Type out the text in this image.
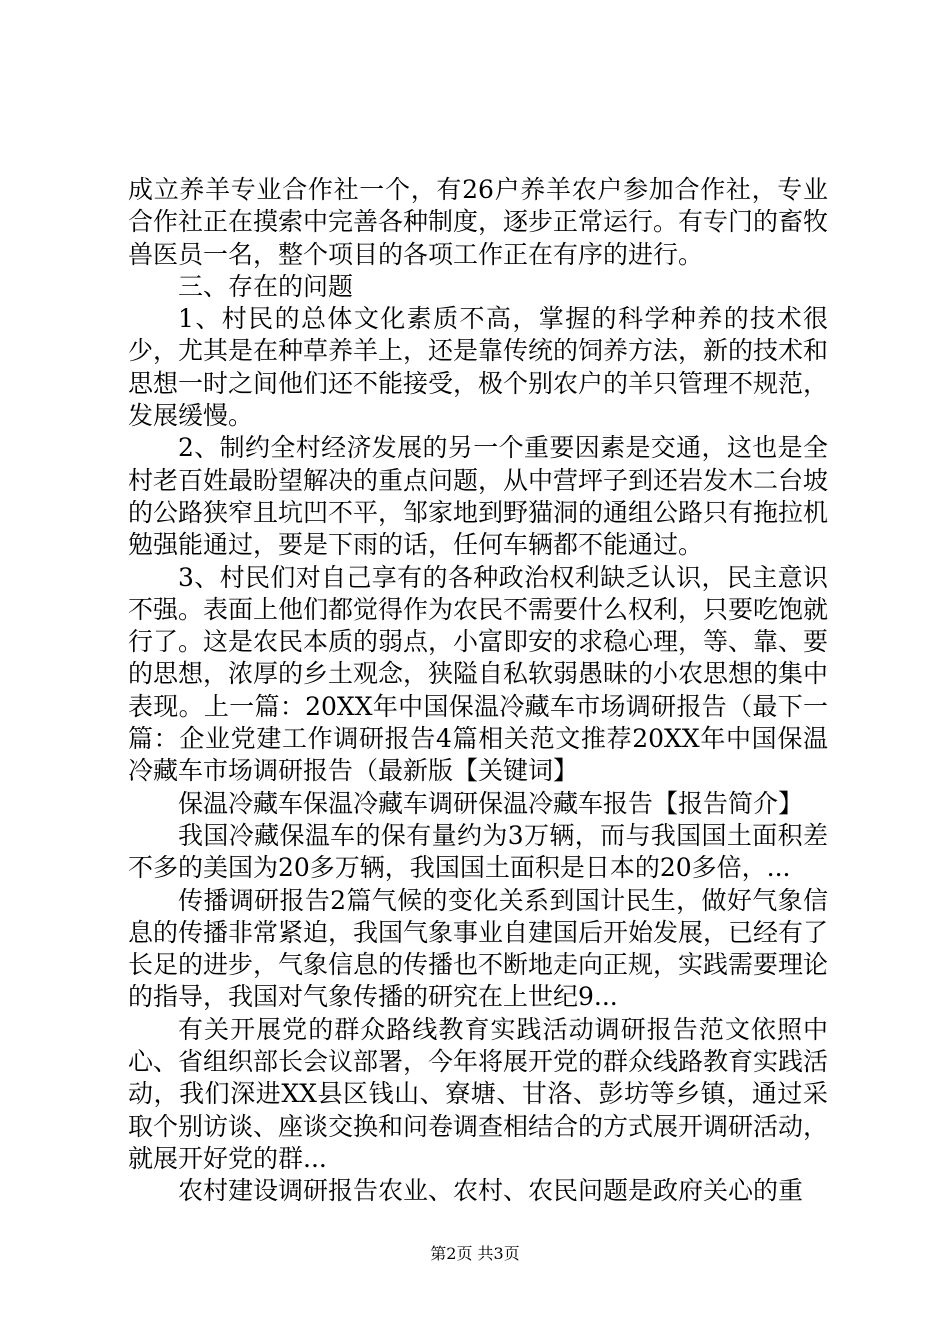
成立养羊专业合作社一个，有26户养羊农户参加合作社，专业合作社正在摸索中完善各种制度，逐步正常运行。有专门的畜牧兽医员一名，整个项目的各项工作正在有序的进行。

三、存在的问题

1、村民的总体文化素质不高，掌握的科学种养的技术很少，尤其是在种草养羊上，还是靠传统的饲养方法，新的技术和思想一时之间他们还不能接受，极个别农户的羊只管理不规范，发展缓慢。

2、制约全村经济发展的另一个重要因素是交通，这也是全村老百姓最盼望解决的重点问题，从中营坪子到还岩发木二台坡的公路狭窄且坑凹不平，邹家地到野猫洞的通组公路只有拖拉机勉强能通过，要是下雨的话，任何车辆都不能通过。

3、村民们对自己享有的各种政治权利缺乏认识，民主意识不强。表面上他们都觉得作为农民不需要什么权利，只要吃饱就行了。这是农民本质的弱点，小富即安的求稳心理，等、靠、要的思想，浓厚的乡土观念，狭隘自私软弱愚昧的小农思想的集中表现。上一篇：20XX年中国保温冷藏车市场调研报告（最下一篇：企业党建工作调研报告4篇相关范文推荐20XX年中国保温冷藏车市场调研报告（最新版【关键词】

保温冷藏车保温冷藏车调研保温冷藏车报告【报告简介】

我国冷藏保温车的保有量约为3万辆，而与我国国土面积差不多的美国为20多万辆，我国国土面积是日本的20多倍，...

传播调研报告2篇气候的变化关系到国计民生，做好气象信息的传播非常紧迫，我国气象事业自建国后开始发展，已经有了长足的进步，气象信息的传播也不断地走向正规，实践需要理论的指导，我国对气象传播的研究在上世纪9...

有关开展党的群众路线教育实践活动调研报告范文依照中心、省组织部长会议部署，今年将展开党的群众线路教育实践活动，我们深进XX县区钱山、寮塘、甘洛、彭坊等乡镇，通过采取个别访谈、座谈交换和问卷调查相结合的方式展开调研活动，就展开好党的群...

农村建设调研报告农业、农村、农民问题是政府关心的重

第2页 共3页
